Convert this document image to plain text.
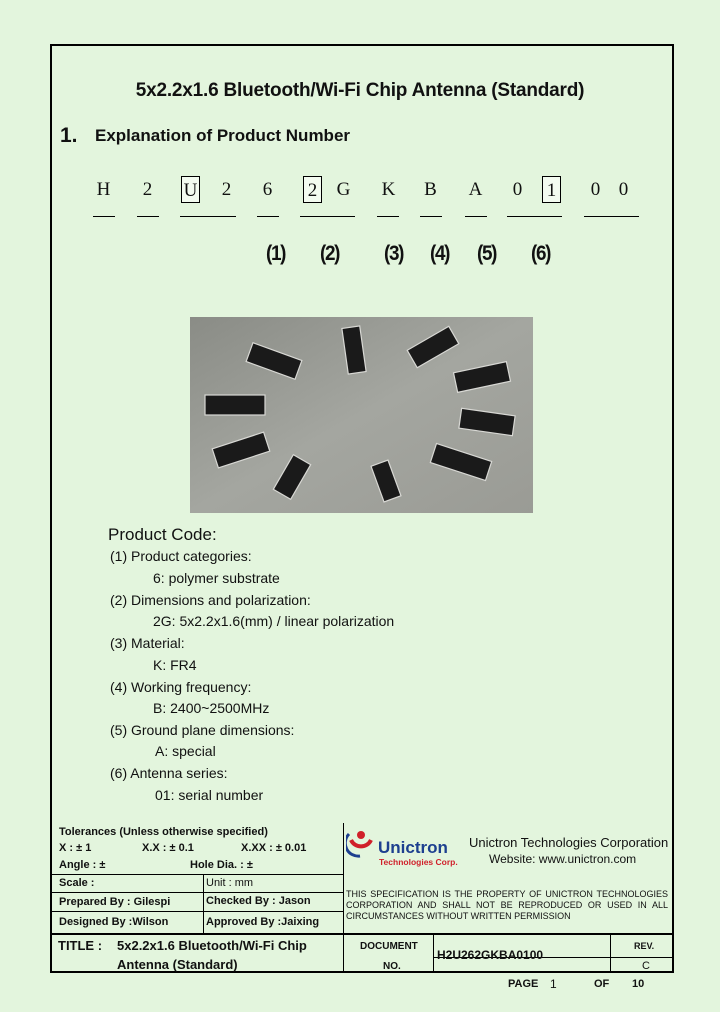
5x2.2x1.6 Bluetooth/Wi-Fi Chip Antenna (Standard)
1. Explanation of Product Number
H 2 U 2 6 2 G K B A 0 1 0 0
(1) (2) (3) (4) (5) (6)
Product Code:
(1) Product categories:
6: polymer substrate
(2) Dimensions and polarization:
2G: 5x2.2x1.6(mm) / linear polarization
(3) Material:
K: FR4
(4) Working frequency:
B: 2400~2500MHz
(5) Ground plane dimensions:
A: special
(6) Antenna series:
01: serial number
Tolerances (Unless otherwise specified)
X : ± 1	X.X : ± 0.1	X.XX : ± 0.01
Angle : ±	Hole Dia. : ±
Scale :	Unit : mm
Prepared By : Gilespi	Checked By : Jason
Designed By :Wilson	Approved By :Jaixing
Unictron
Technologies Corp.
Unictron Technologies Corporation
Website: www.unictron.com
THIS SPECIFICATION IS THE PROPERTY OF UNICTRON TECHNOLOGIES CORPORATION AND SHALL NOT BE REPRODUCED OR USED IN ALL CIRCUMSTANCES WITHOUT WRITTEN PERMISSION
TITLE : 5x2.2x1.6 Bluetooth/Wi-Fi Chip
Antenna (Standard)
DOCUMENT
NO.
H2U262GKBA0100
REV.
C
PAGE 1	OF 10
